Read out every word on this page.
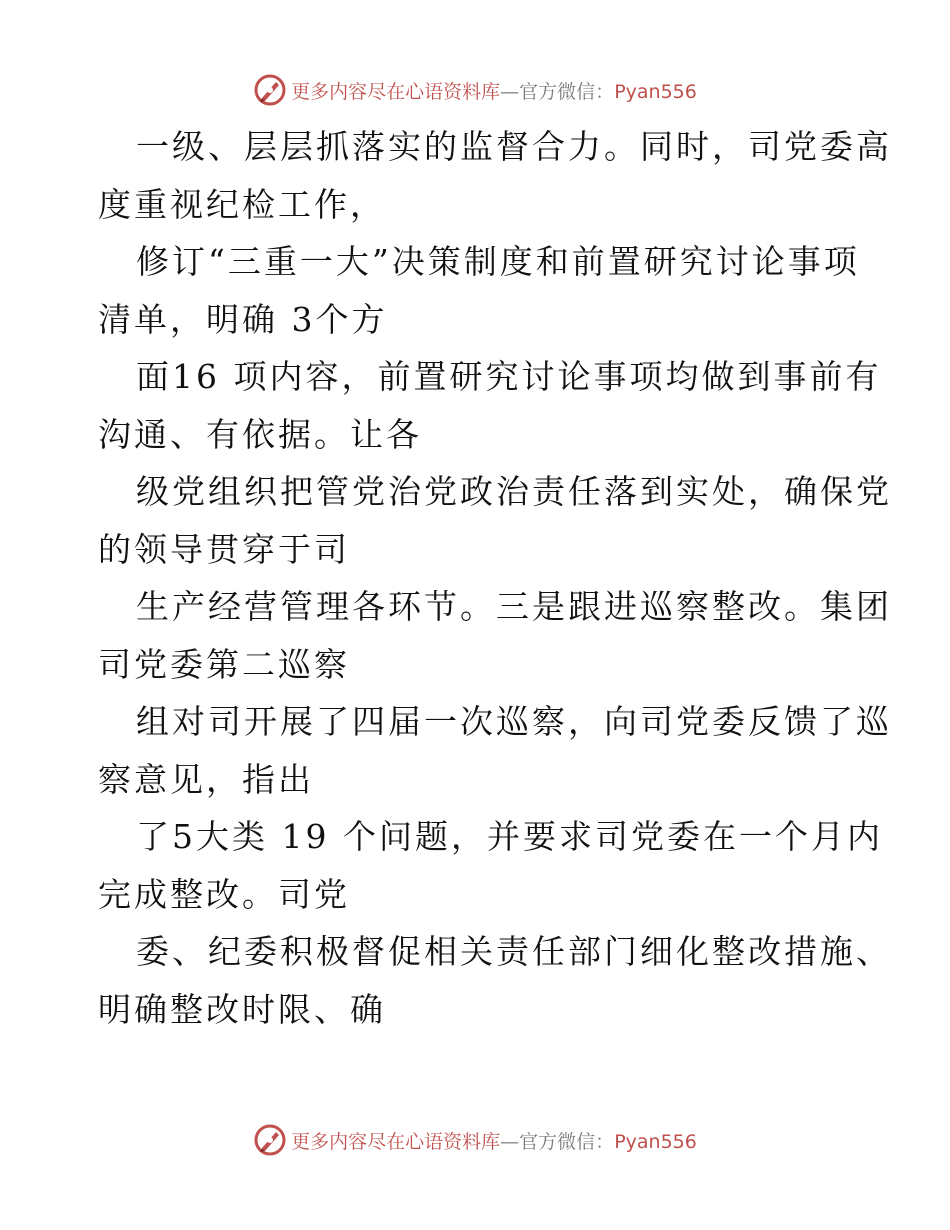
更多内容尽在心语资料库—官方微信：Pyan556
一级、层层抓落实的监督合力。同时，司党委高
度重视纪检工作，
修订“三重一大”决策制度和前置研究讨论事项
清单，明确 3个方
面16 项内容，前置研究讨论事项均做到事前有
沟通、有依据。让各
级党组织把管党治党政治责任落到实处，确保党
的领导贯穿于司
生产经营管理各环节。三是跟进巡察整改。集团
司党委第二巡察
组对司开展了四届一次巡察，向司党委反馈了巡
察意见，指出
了5大类 19 个问题，并要求司党委在一个月内
完成整改。司党
委、纪委积极督促相关责任部门细化整改措施、
明确整改时限、确
更多内容尽在心语资料库—官方微信：Pyan556
